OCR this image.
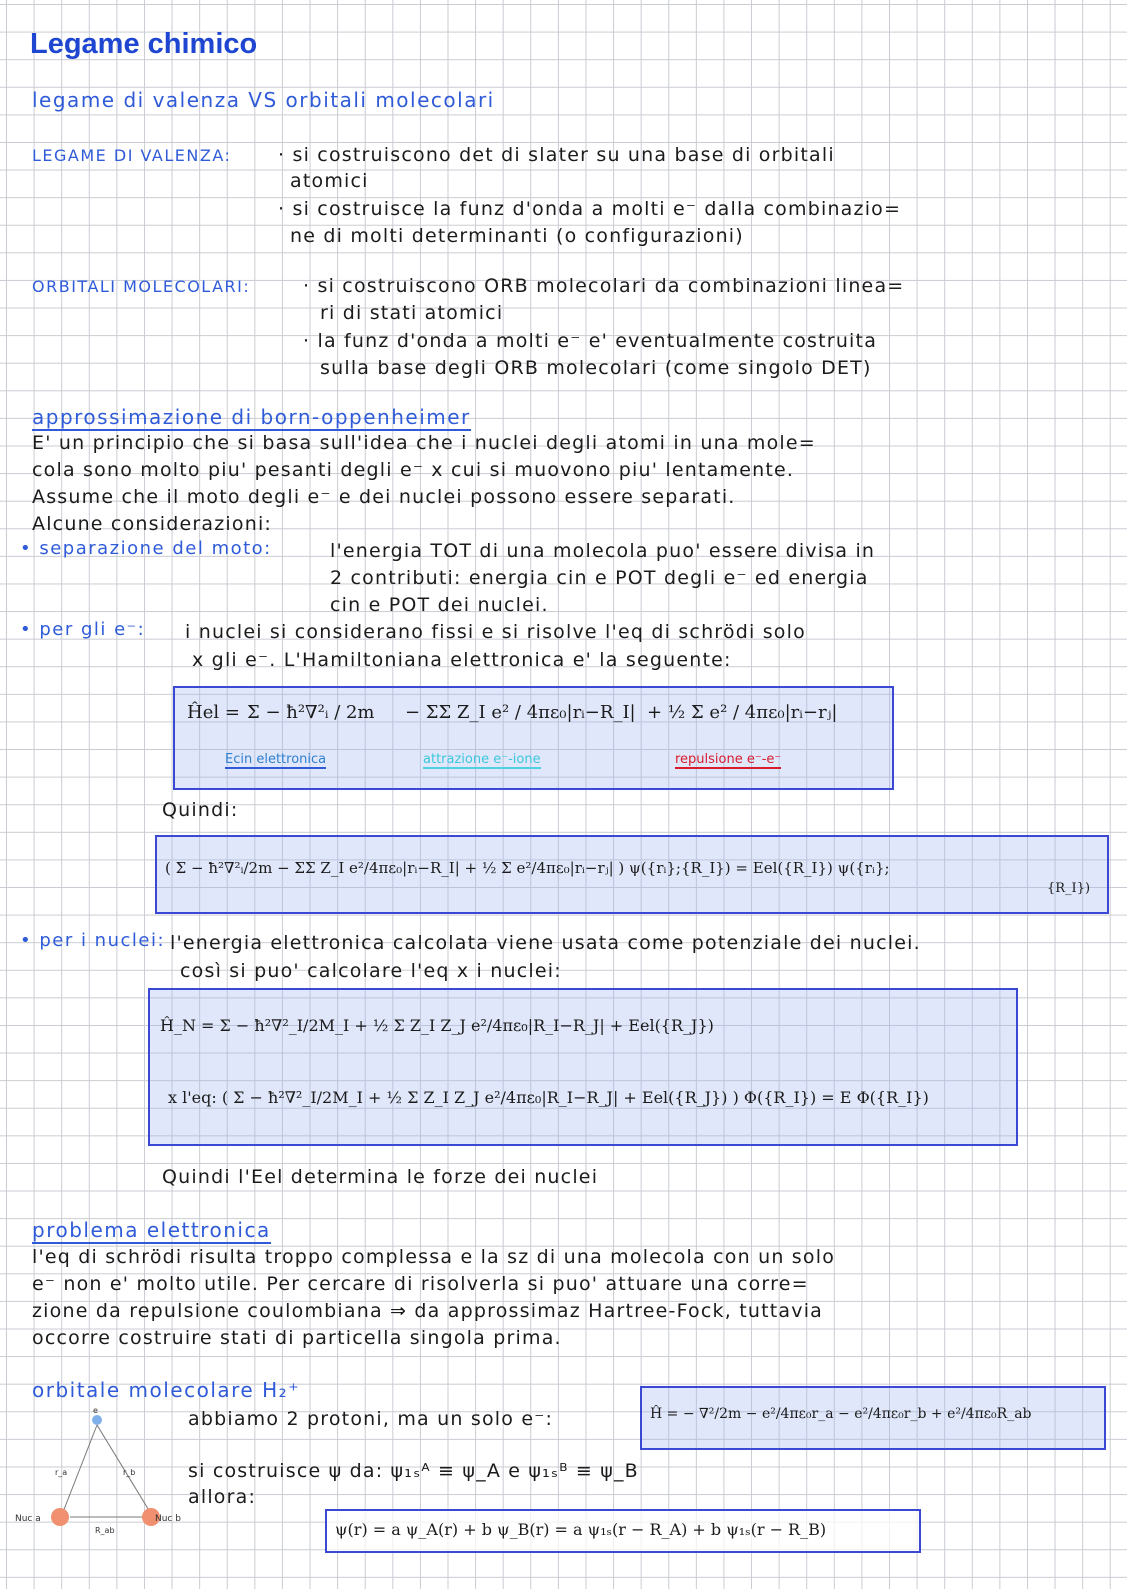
Legame chimico
legame di valenza VS orbitali molecolari
LEGAME DI VALENZA: · si costruiscono det di slater su una base di orbitali
atomici
· si costruisce la funz d'onda a molti e⁻ dalla combinazio=
ne di molti determinanti (o configurazioni)
ORBITALI MOLECOLARI:	· si costruiscono ORB molecolari da combinazioni linea=
ri di stati atomici
· la funz d'onda a molti e⁻ e' eventualmente costruita
sulla base degli ORB molecolari (come singolo DET)
approssimazione di born-oppenheimer
E' un principio che si basa sull'idea che i nuclei degli atomi in una mole=
cola sono molto piu' pesanti degli e⁻ x cui si muovono piu' lentamente.
Assume che il moto degli e⁻ e dei nuclei possono essere separati.
Alcune considerazioni:
• separazione del moto:	l'energia TOT di una molecola puo' essere divisa in
2 contributi: energia cin e POT degli e⁻ ed energia
cin e POT dei nuclei.
• per gli e⁻: i nuclei si considerano fissi e si risolve l'eq di schrödi solo
x gli e⁻. L'Hamiltoniana elettronica e' la seguente:
Ĥel = Σ − ħ²∇²ᵢ / 2m − ΣΣ Z_I e² / 4πε₀|rᵢ−R_I| + ½ Σ e² / 4πε₀|rᵢ−rⱼ|
Ecin elettronica	attrazione e⁻-ione	repulsione e⁻-e⁻
Quindi:
( Σ − ħ²∇²ᵢ/2m − ΣΣ Z_I e²/4πε₀|rᵢ−R_I| + ½ Σ e²/4πε₀|rᵢ−rⱼ| ) ψ({rᵢ};{R_I}) = Eel({R_I}) ψ({rᵢ};
{R_I})
• per i nuclei: l'energia elettronica calcolata viene usata come potenziale dei nuclei.
così si puo' calcolare l'eq x i nuclei:
Ĥ_N = Σ − ħ²∇²_I/2M_I + ½ Σ Z_I Z_J e²/4πε₀|R_I−R_J| + Eel({R_J})
x l'eq: ( Σ − ħ²∇²_I/2M_I + ½ Σ Z_I Z_J e²/4πε₀|R_I−R_J| + Eel({R_J}) ) Φ({R_I}) = E Φ({R_I})
Quindi l'Eel determina le forze dei nuclei
problema elettronica
l'eq di schrödi risulta troppo complessa e la sz di una molecola con un solo
e⁻ non e' molto utile. Per cercare di risolverla si puo' attuare una corre=
zione da repulsione coulombiana ⇒ da approssimaz Hartree-Fock, tuttavia
occorre costruire stati di particella singola prima.
orbitale molecolare H₂⁺
abbiamo 2 protoni, ma un solo e⁻:
si costruisce ψ da: ψ₁ₛᴬ ≡ ψ_A e ψ₁ₛᴮ ≡ ψ_B
allora:
Ĥ = − ∇²/2m − e²/4πε₀r_a − e²/4πε₀r_b + e²/4πε₀R_ab
ψ(r) = a ψ_A(r) + b ψ_B(r) = a ψ₁ₛ(r − R_A) + b ψ₁ₛ(r − R_B)
e
r_a	r_b
Nuc a	Nuc b
R_ab
